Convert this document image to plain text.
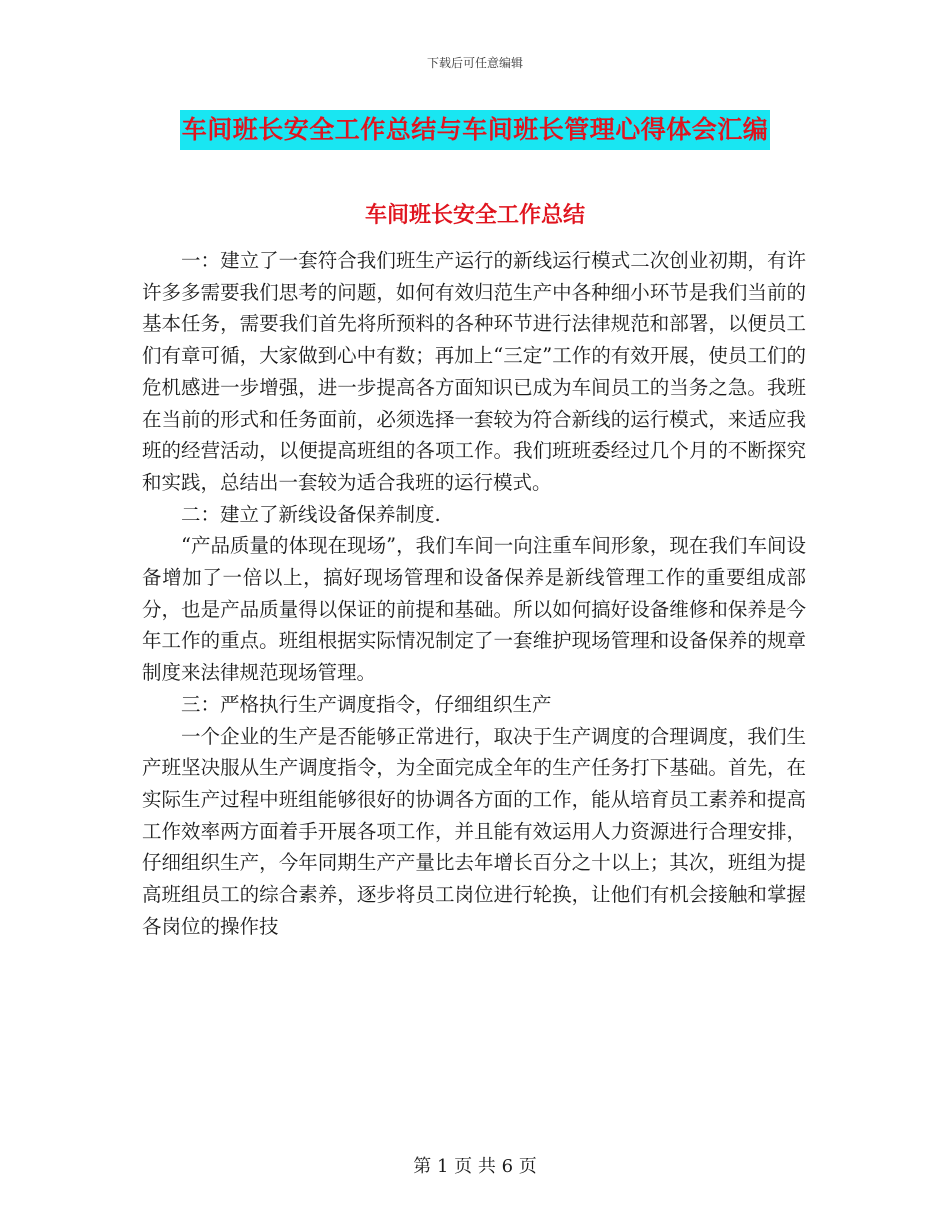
下载后可任意编辑
车间班长安全工作总结与车间班长管理心得体会汇编
车间班长安全工作总结

一：建立了一套符合我们班生产运行的新线运行模式二次创业初期，有许许多多需要我们思考的问题，如何有效归范生产中各种细小环节是我们当前的基本任务，需要我们首先将所预料的各种环节进行法律规范和部署，以便员工们有章可循，大家做到心中有数；再加上“三定”工作的有效开展，使员工们的危机感进一步增强，进一步提高各方面知识已成为车间员工的当务之急。我班在当前的形式和任务面前，必须选择一套较为符合新线的运行模式，来适应我班的经营活动，以便提高班组的各项工作。我们班班委经过几个月的不断探究和实践，总结出一套较为适合我班的运行模式。

二：建立了新线设备保养制度.

“产品质量的体现在现场”，我们车间一向注重车间形象，现在我们车间设备增加了一倍以上，搞好现场管理和设备保养是新线管理工作的重要组成部分，也是产品质量得以保证的前提和基础。所以如何搞好设备维修和保养是今年工作的重点。班组根据实际情况制定了一套维护现场管理和设备保养的规章制度来法律规范现场管理。

三：严格执行生产调度指令，仔细组织生产

一个企业的生产是否能够正常进行，取决于生产调度的合理调度，我们生产班坚决服从生产调度指令，为全面完成全年的生产任务打下基础。首先，在实际生产过程中班组能够很好的协调各方面的工作，能从培育员工素养和提高工作效率两方面着手开展各项工作，并且能有效运用人力资源进行合理安排，仔细组织生产，今年同期生产产量比去年增长百分之十以上；其次，班组为提高班组员工的综合素养，逐步将员工岗位进行轮换，让他们有机会接触和掌握各岗位的操作技

第 1 页 共 6 页
